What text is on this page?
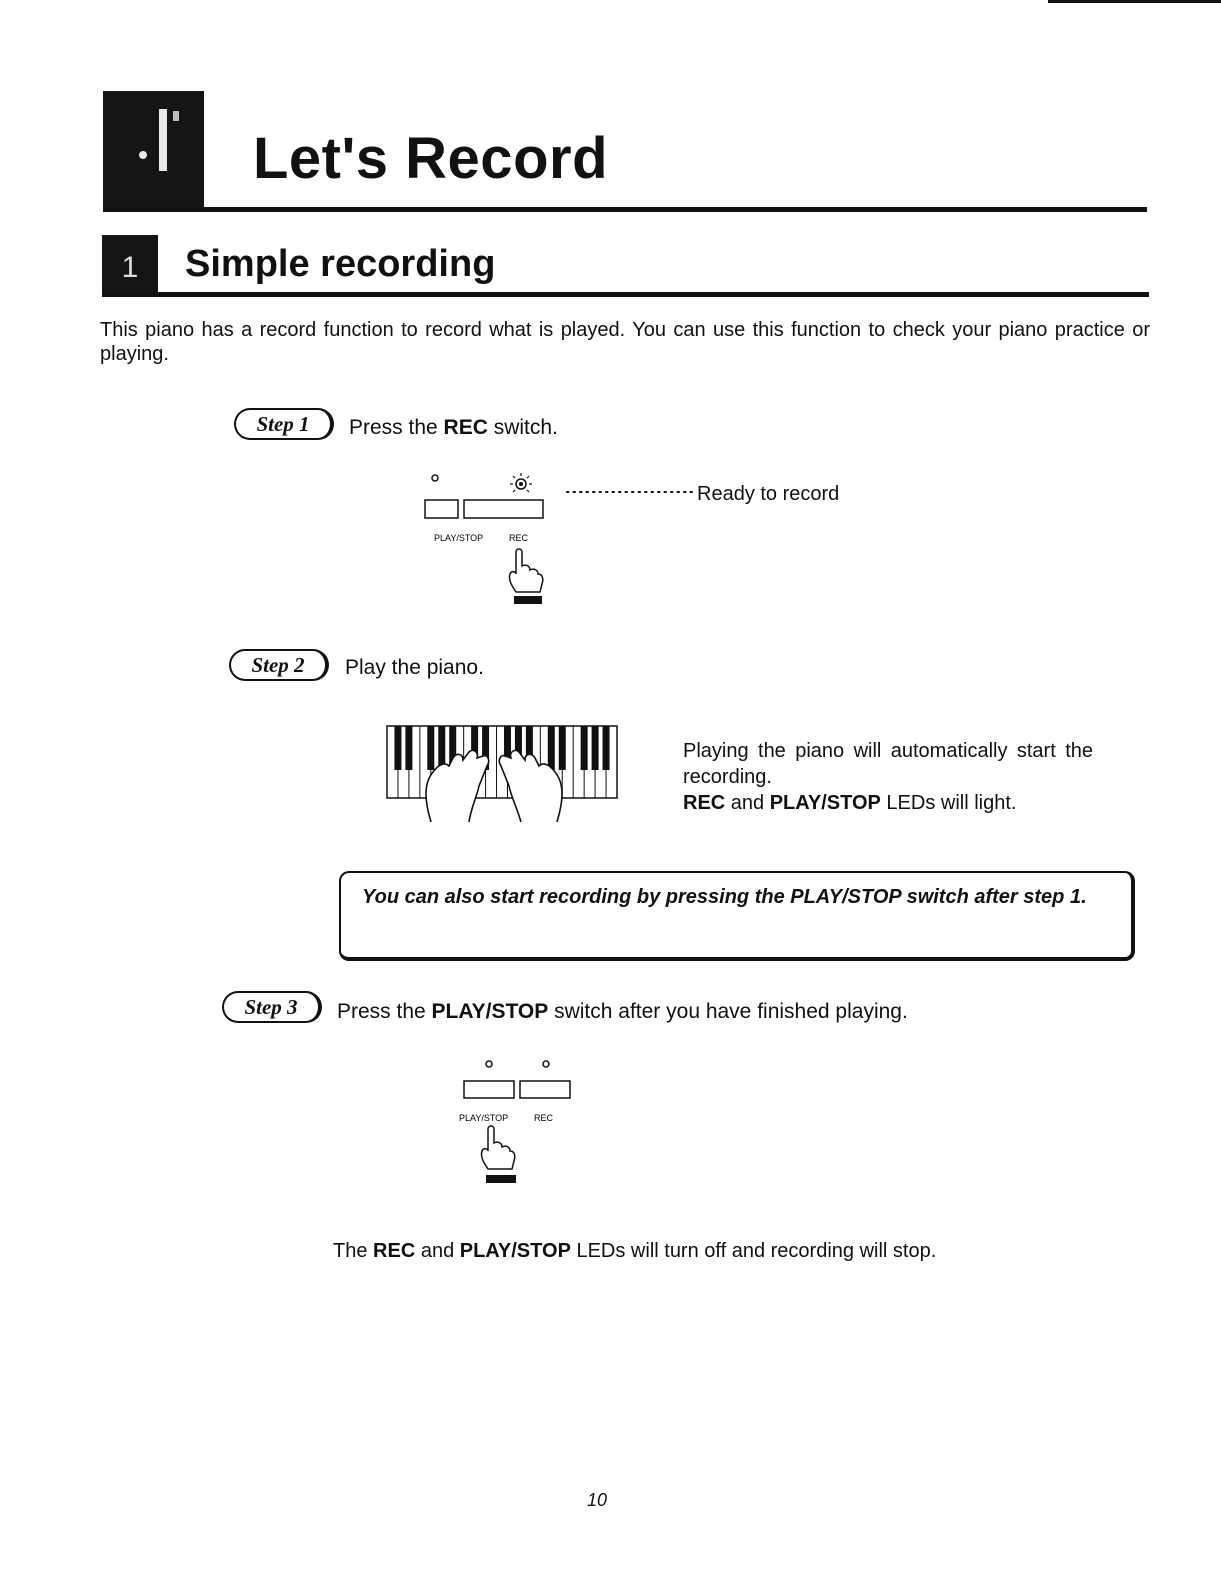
Let's Record
1 Simple recording
This piano has a record function to record what is played. You can use this function to check your piano practice or playing.
Step 1	Press the REC switch.
PLAY/STOP	REC
Ready to record
Step 2	Play the piano.
Playing the piano will automatically start the recording.
REC and PLAY/STOP LEDs will light.
You can also start recording by pressing the PLAY/STOP switch after step 1.
Step 3	Press the PLAY/STOP switch after you have finished playing.
PLAY/STOP	REC
The REC and PLAY/STOP LEDs will turn off and recording will stop.
10
